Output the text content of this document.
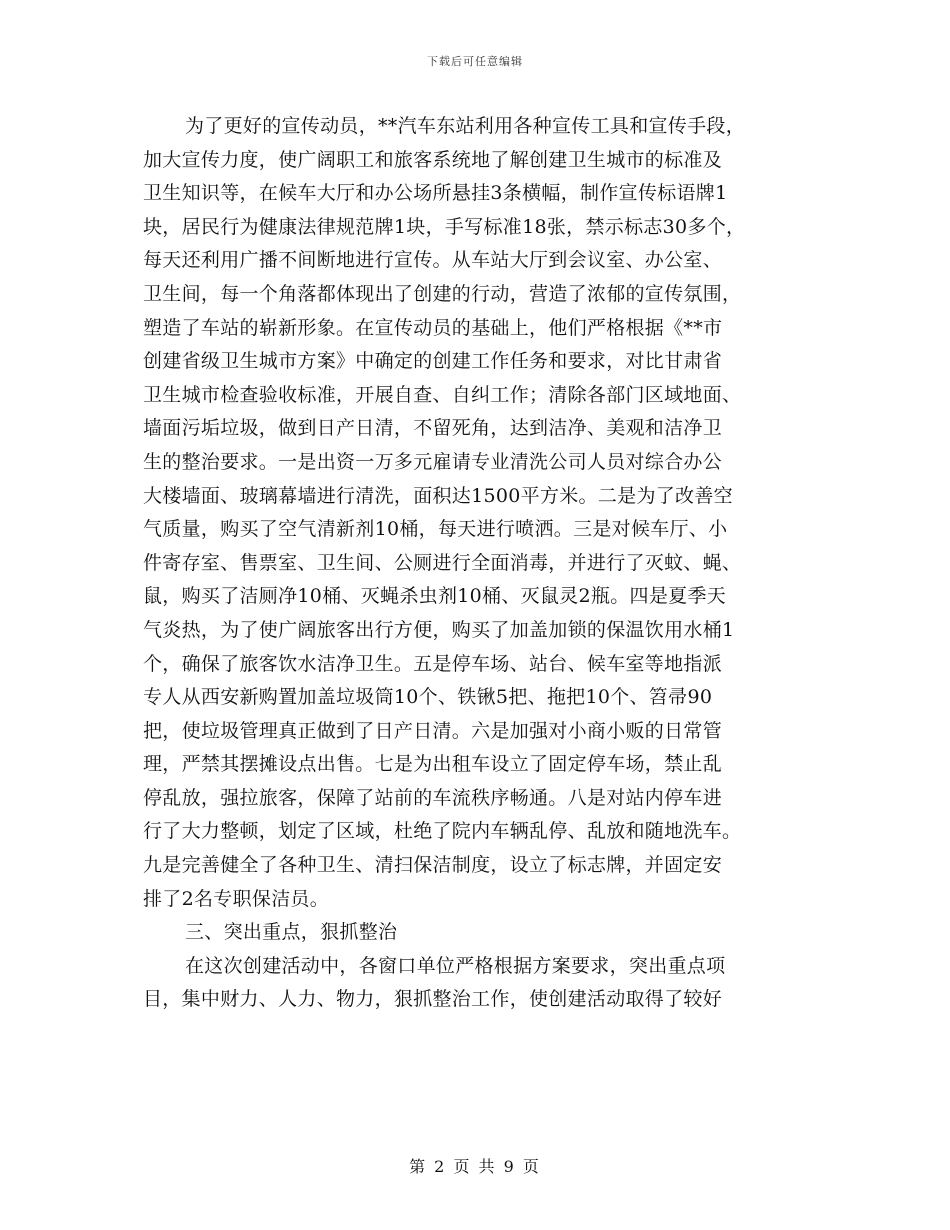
下载后可任意编辑
为了更好的宣传动员，**汽车东站利用各种宣传工具和宣传手段，
加大宣传力度，使广阔职工和旅客系统地了解创建卫生城市的标准及
卫生知识等，在候车大厅和办公场所悬挂3条横幅，制作宣传标语牌1
块，居民行为健康法律规范牌1块，手写标准18张，禁示标志30多个，
每天还利用广播不间断地进行宣传。从车站大厅到会议室、办公室、
卫生间，每一个角落都体现出了创建的行动，营造了浓郁的宣传氛围，
塑造了车站的崭新形象。在宣传动员的基础上，他们严格根据《**市
创建省级卫生城市方案》中确定的创建工作任务和要求，对比甘肃省
卫生城市检查验收标准，开展自查、自纠工作；清除各部门区域地面、
墙面污垢垃圾，做到日产日清，不留死角，达到洁净、美观和洁净卫
生的整治要求。一是出资一万多元雇请专业清洗公司人员对综合办公
大楼墙面、玻璃幕墙进行清洗，面积达1500平方米。二是为了改善空
气质量，购买了空气清新剂10桶，每天进行喷洒。三是对候车厅、小
件寄存室、售票室、卫生间、公厕进行全面消毒，并进行了灭蚊、蝇、
鼠，购买了洁厕净10桶、灭蝇杀虫剂10桶、灭鼠灵2瓶。四是夏季天
气炎热，为了使广阔旅客出行方便，购买了加盖加锁的保温饮用水桶1
个，确保了旅客饮水洁净卫生。五是停车场、站台、候车室等地指派
专人从西安新购置加盖垃圾筒10个、铁锹5把、拖把10个、笤帚90
把，使垃圾管理真正做到了日产日清。六是加强对小商小贩的日常管
理，严禁其摆摊设点出售。七是为出租车设立了固定停车场，禁止乱
停乱放，强拉旅客，保障了站前的车流秩序畅通。八是对站内停车进
行了大力整顿，划定了区域，杜绝了院内车辆乱停、乱放和随地洗车。
九是完善健全了各种卫生、清扫保洁制度，设立了标志牌，并固定安
排了2名专职保洁员。
三、突出重点，狠抓整治
在这次创建活动中，各窗口单位严格根据方案要求，突出重点项
目，集中财力、人力、物力，狠抓整治工作，使创建活动取得了较好
第 2 页 共 9 页
